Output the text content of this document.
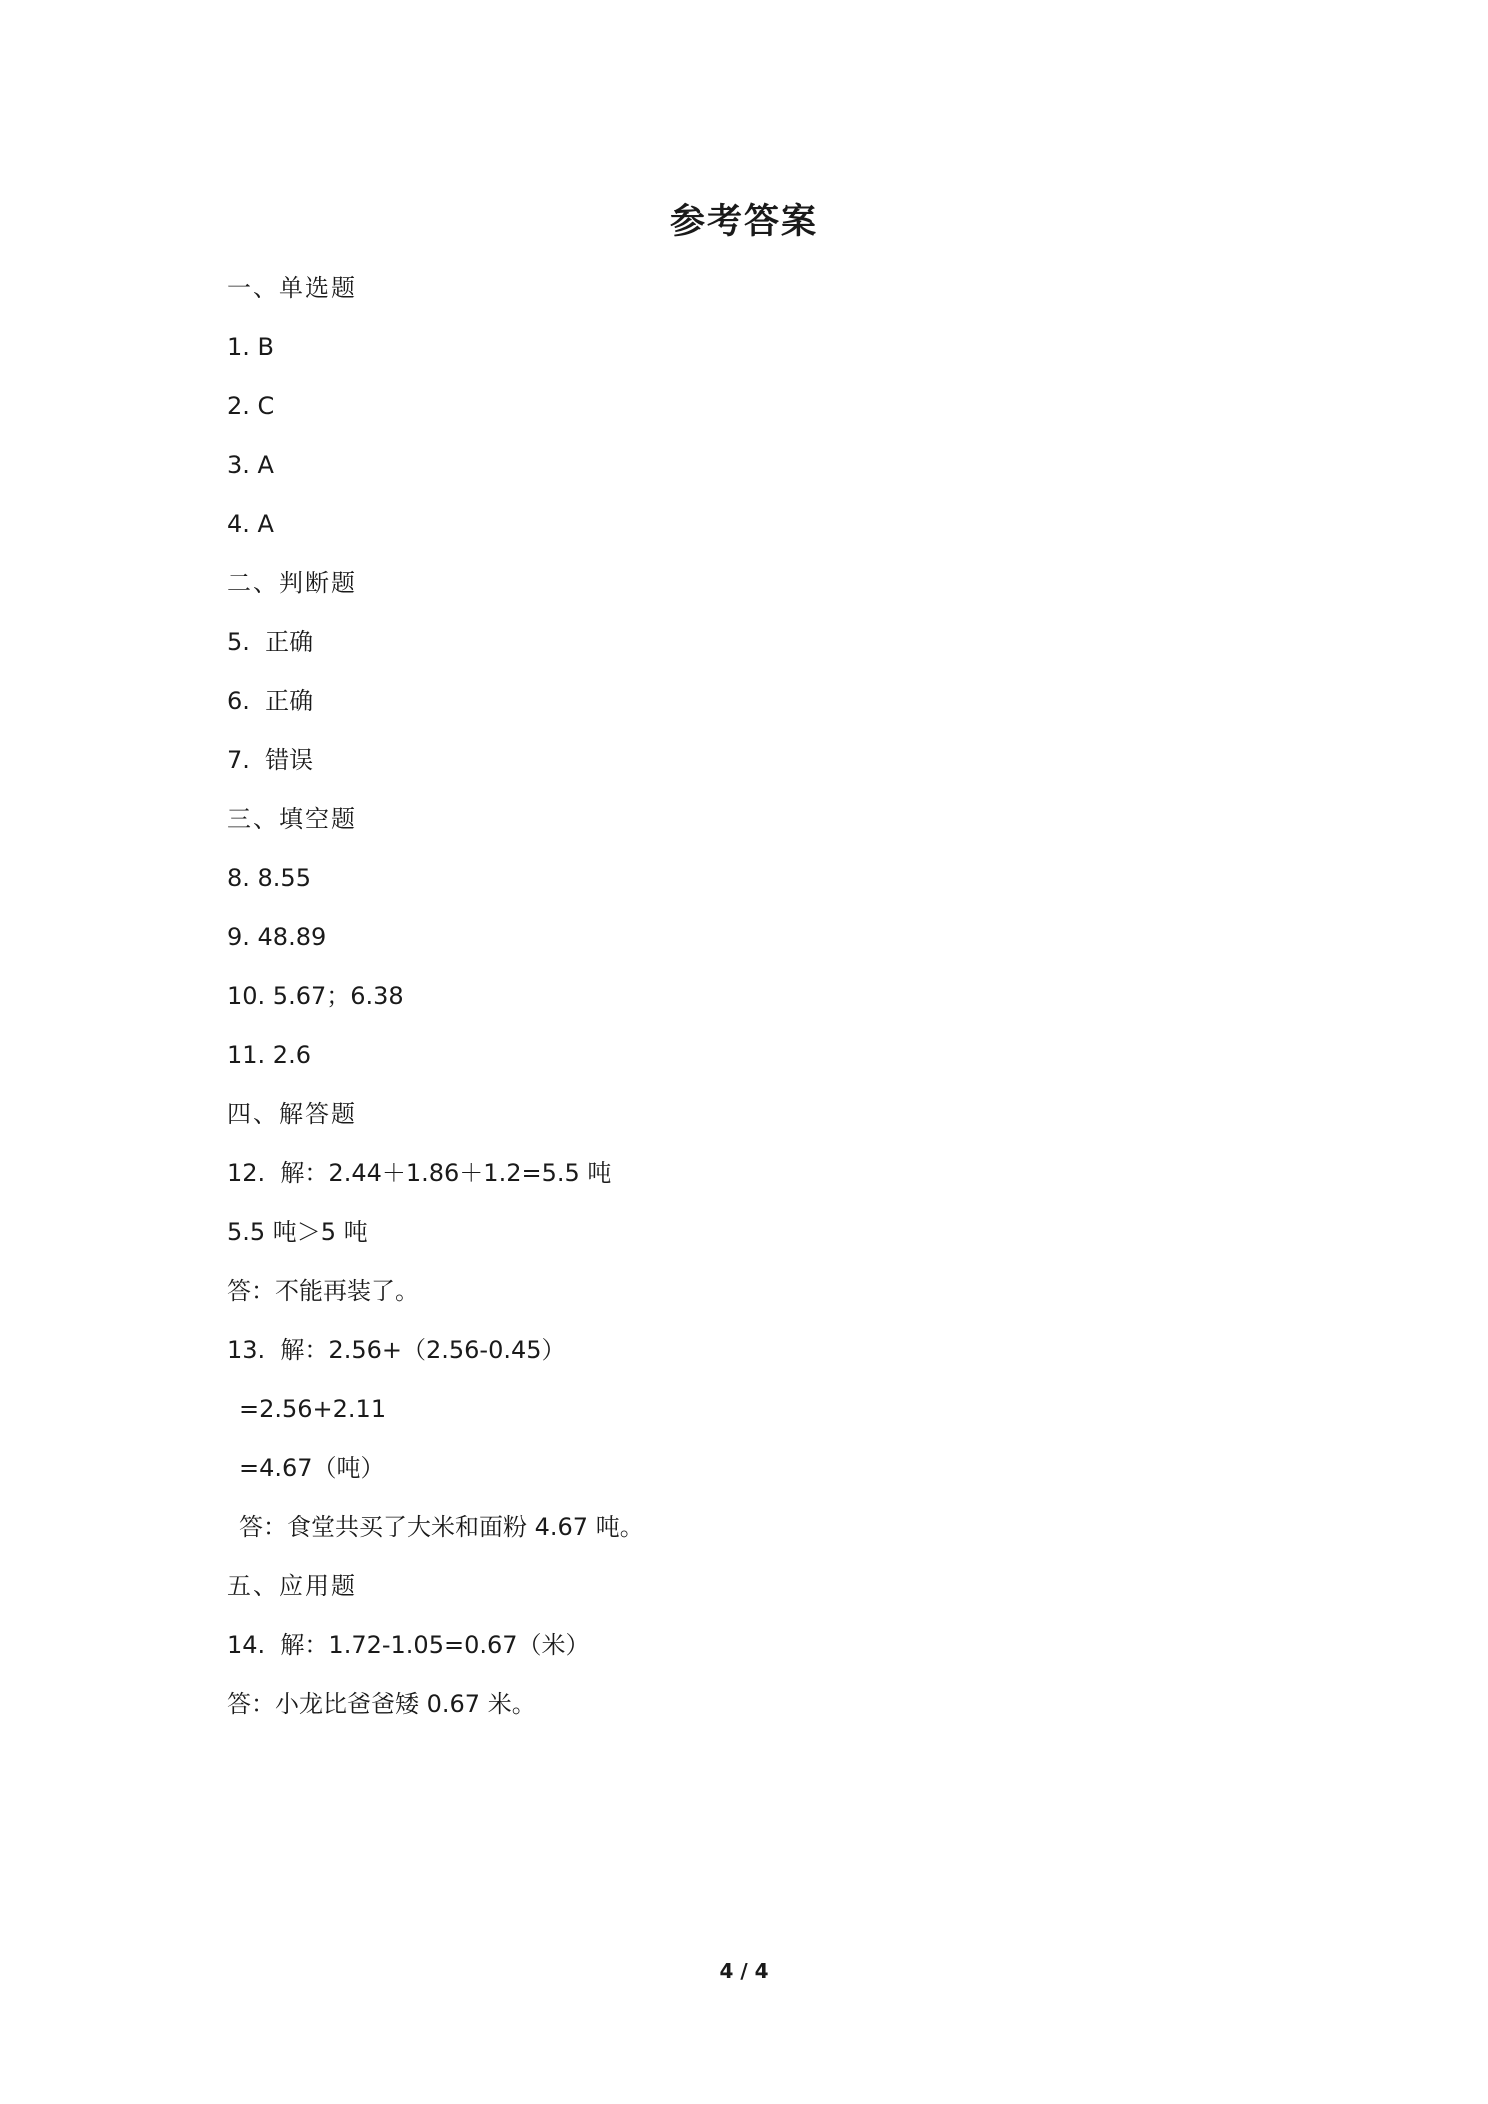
参考答案
一、单选题
1. B
2. C
3. A
4. A
二、判断题
5.  正确
6.  正确
7.  错误
三、填空题
8. 8.55
9. 48.89
10. 5.67；6.38
11. 2.6
四、解答题
12.  解：2.44＋1.86＋1.2=5.5 吨
5.5 吨＞5 吨
答：不能再装了。
13.  解：2.56+（2.56-0.45）
=2.56+2.11
=4.67（吨）
答：食堂共买了大米和面粉 4.67 吨。
五、应用题
14.  解：1.72-1.05=0.67（米）
答：小龙比爸爸矮 0.67 米。
4 / 4
